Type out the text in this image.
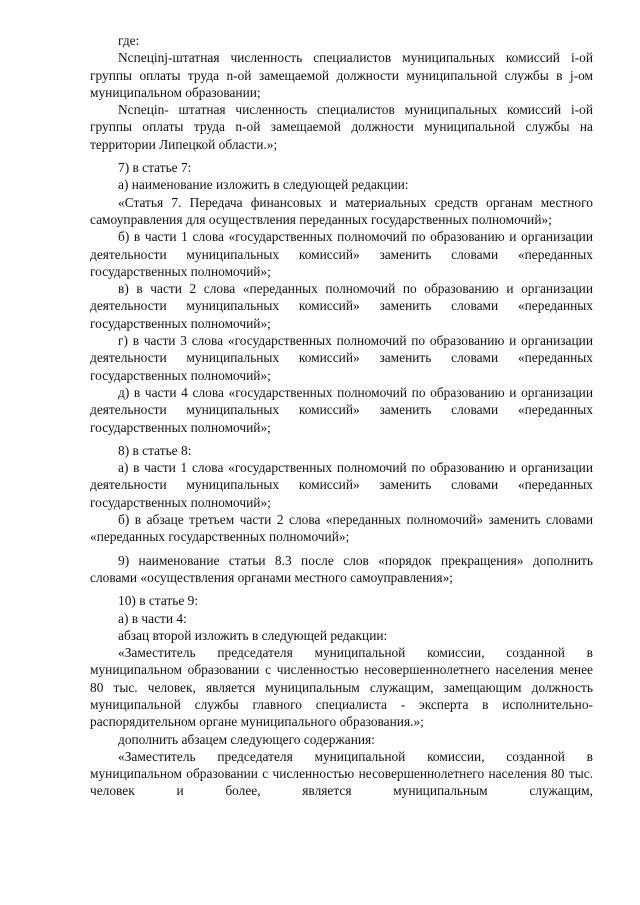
где:

Nспецinj-штатная численность специалистов муниципальных комиссий i-ой группы оплаты труда n-ой замещаемой должности муниципальной службы в j-ом муниципальном образовании;

Nспецin- штатная численность специалистов муниципальных комиссий i-ой группы оплаты труда n-ой замещаемой должности муниципальной службы на территории Липецкой области.»;

7) в статье 7:

а) наименование изложить в следующей редакции:

«Статья 7. Передача финансовых и материальных средств органам местного самоуправления для осуществления переданных государственных полномочий»;

б) в части 1 слова «государственных полномочий по образованию и организации деятельности муниципальных комиссий» заменить словами «переданных государственных полномочий»;

в) в части 2 слова «переданных полномочий по образованию и организации деятельности муниципальных комиссий» заменить словами «переданных государственных полномочий»;

г) в части 3 слова «государственных полномочий по образованию и организации деятельности муниципальных комиссий» заменить словами «переданных государственных полномочий»;

д) в части 4 слова «государственных полномочий по образованию и организации деятельности муниципальных комиссий» заменить словами «переданных государственных полномочий»;

8) в статье 8:

а) в части 1 слова «государственных полномочий по образованию и организации деятельности муниципальных комиссий» заменить словами «переданных государственных полномочий»;

б) в абзаце третьем части 2 слова «переданных полномочий» заменить словами «переданных государственных полномочий»;

9) наименование статьи 8.3 после слов «порядок прекращения» дополнить словами «осуществления органами местного самоуправления»;

10) в статье 9:

а) в части 4:

абзац второй изложить в следующей редакции:

«Заместитель председателя муниципальной комиссии, созданной в муниципальном образовании с численностью несовершеннолетнего населения менее 80 тыс. человек, является муниципальным служащим, замещающим должность муниципальной службы главного специалиста - эксперта в исполнительно-распорядительном органе муниципального образования.»;

дополнить абзацем следующего содержания:

«Заместитель председателя муниципальной комиссии, созданной в муниципальном образовании с численностью несовершеннолетнего населения 80 тыс. человек и более, является муниципальным служащим,
